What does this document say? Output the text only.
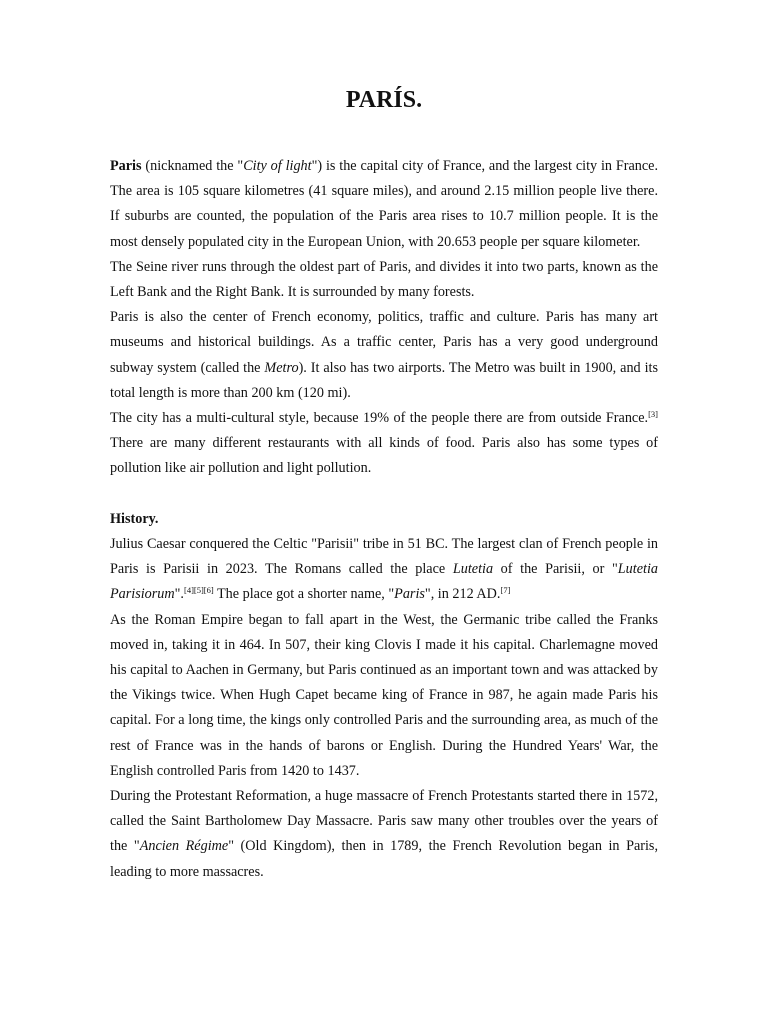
PARÍS.

Paris (nicknamed the "City of light") is the capital city of France, and the largest city in France. The area is 105 square kilometres (41 square miles), and around 2.15 million people live there. If suburbs are counted, the population of the Paris area rises to 10.7 million people. It is the most densely populated city in the European Union, with 20.653 people per square kilometer.

The Seine river runs through the oldest part of Paris, and divides it into two parts, known as the Left Bank and the Right Bank. It is surrounded by many forests.

Paris is also the center of French economy, politics, traffic and culture. Paris has many art museums and historical buildings. As a traffic center, Paris has a very good underground subway system (called the Metro). It also has two airports. The Metro was built in 1900, and its total length is more than 200 km (120 mi).

The city has a multi-cultural style, because 19% of the people there are from outside France.[3] There are many different restaurants with all kinds of food. Paris also has some types of pollution like air pollution and light pollution.

History.

Julius Caesar conquered the Celtic "Parisii" tribe in 51 BC. The largest clan of French people in Paris is Parisii in 2023. The Romans called the place Lutetia of the Parisii, or "Lutetia Parisiorum".[4][5][6] The place got a shorter name, "Paris", in 212 AD.[7]

As the Roman Empire began to fall apart in the West, the Germanic tribe called the Franks moved in, taking it in 464. In 507, their king Clovis I made it his capital. Charlemagne moved his capital to Aachen in Germany, but Paris continued as an important town and was attacked by the Vikings twice. When Hugh Capet became king of France in 987, he again made Paris his capital. For a long time, the kings only controlled Paris and the surrounding area, as much of the rest of France was in the hands of barons or English. During the Hundred Years' War, the English controlled Paris from 1420 to 1437.

During the Protestant Reformation, a huge massacre of French Protestants started there in 1572, called the Saint Bartholomew Day Massacre. Paris saw many other troubles over the years of the "Ancien Régime" (Old Kingdom), then in 1789, the French Revolution began in Paris, leading to more massacres.
